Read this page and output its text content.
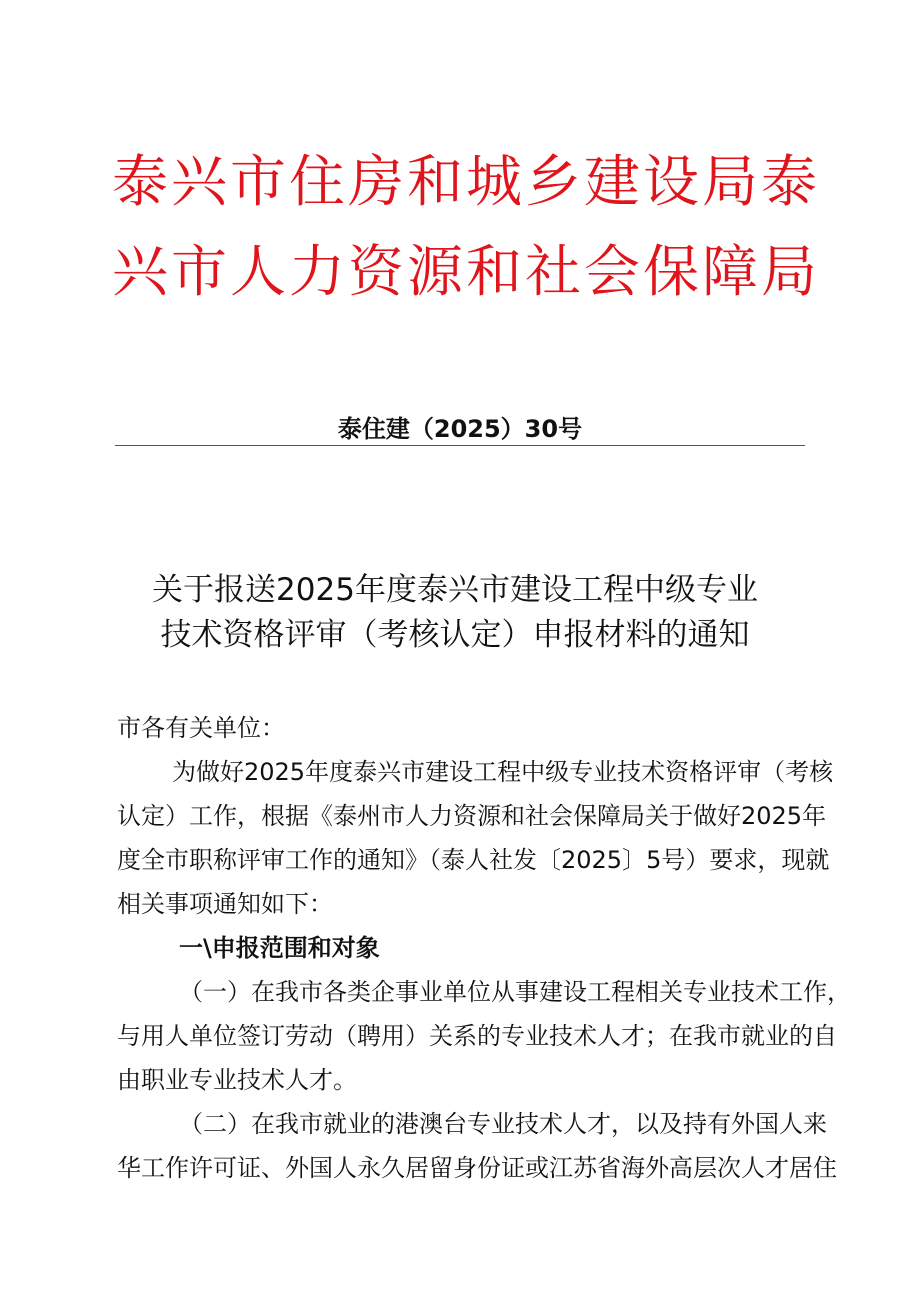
泰兴市住房和城乡建设局泰
兴市人力资源和社会保障局
泰住建（2025）30号
关于报送2025年度泰兴市建设工程中级专业
技术资格评审（考核认定）申报材料的通知
市各有关单位：
为做好2025年度泰兴市建设工程中级专业技术资格评审（考核
认定）工作，根据《泰州市人力资源和社会保障局关于做好2025年
度全市职称评审工作的通知》（泰人社发〔2025〕5号）要求，现就
相关事项通知如下：
一\申报范围和对象
（一）在我市各类企事业单位从事建设工程相关专业技术工作，
与用人单位签订劳动（聘用）关系的专业技术人才；在我市就业的自
由职业专业技术人才。
（二）在我市就业的港澳台专业技术人才，以及持有外国人来
华工作许可证、外国人永久居留身份证或江苏省海外高层次人才居住
